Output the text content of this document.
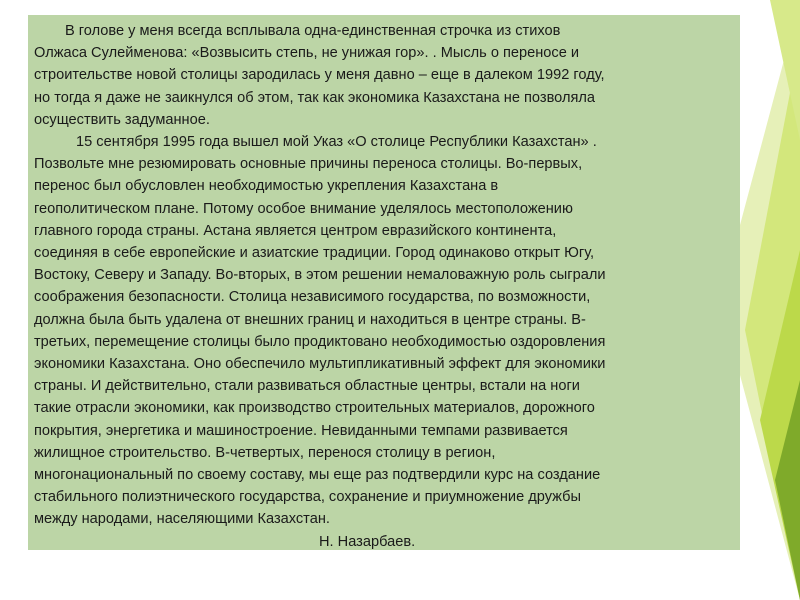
В голове у меня всегда всплывала одна-единственная строчка из стихов
Олжаса Сулейменова: «Возвысить степь, не унижая гор». . Мысль о переносе и
строительстве новой столицы зародилась у меня давно – еще в далеком 1992 году,
но тогда я даже не заикнулся об этом, так как экономика Казахстана не позволяла
осуществить задуманное.
15 сентября 1995 года вышел мой Указ «О столице Республики Казахстан» .
Позвольте мне резюмировать основные причины переноса столицы. Во-первых,
перенос был обусловлен необходимостью укрепления Казахстана в
геополитическом плане. Потому особое внимание уделялось местоположению
главного города страны. Астана является центром евразийского континента,
соединяя в себе европейские и азиатские традиции. Город одинаково открыт Югу,
Востоку, Северу и Западу. Во-вторых, в этом решении немаловажную роль сыграли
соображения безопасности. Столица независимого государства, по возможности,
должна была быть удалена от внешних границ и находиться в центре страны. В-
третьих, перемещение столицы было продиктовано необходимостью оздоровления
экономики Казахстана. Оно обеспечило мультипликативный эффект для экономики
страны. И действительно, стали развиваться областные центры, встали на ноги
такие отрасли экономики, как производство строительных материалов, дорожного
покрытия, энергетика и машиностроение. Невиданными темпами развивается
жилищное строительство. В-четвертых, перенося столицу в регион,
многонациональный по своему составу, мы еще раз подтвердили курс на создание
стабильного полиэтнического государства, сохранение и приумножение дружбы
между народами, населяющими Казахстан.
Н. Назарбаев.
